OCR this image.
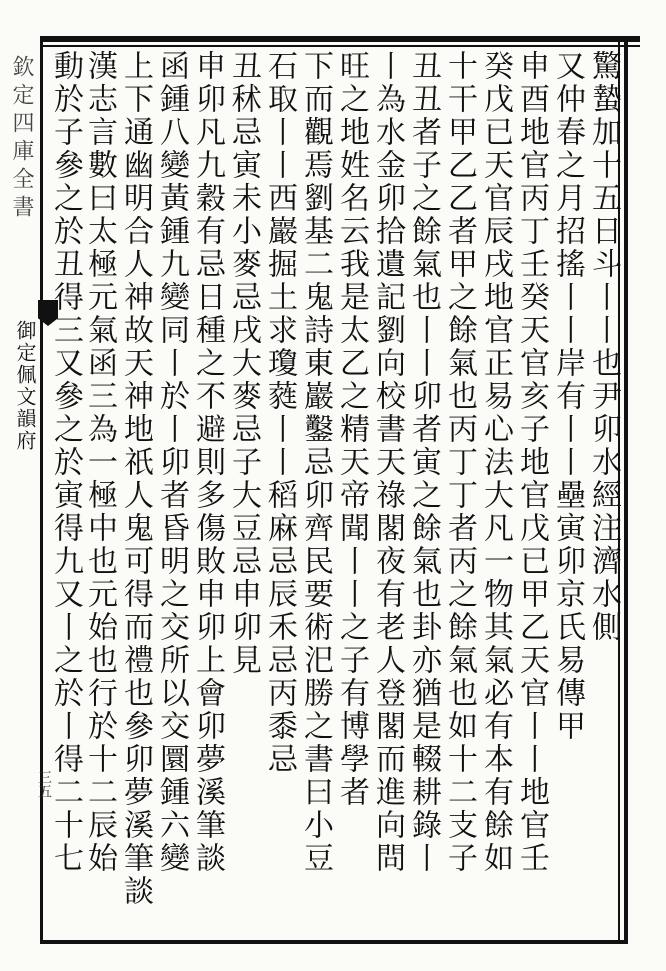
欽定四庫全書
御定佩文韻府
三五
驚蟄加十五日斗丨丨也尹卯水經注濟水側
又仲春之月招搖丨丨岸有丨丨壘寅卯京氏易傳甲
申酉地官丙丁壬癸天官亥子地官戊已甲乙天官丨丨地官壬
癸戊已天官辰戌地官正易心法大凡一物其氣必有本有餘如
十干甲乙乙者甲之餘氣也丙丁丁者丙之餘氣也如十二支子
丑丑者子之餘氣也丨丨卯者寅之餘氣也卦亦猶是輟耕錄丨
丨為水金卯拾遺記劉向校書天祿閣夜有老人登閣而進向問
旺之地姓名云我是太乙之精天帝聞丨丨之子有博學者
下而觀焉劉基二鬼詩東巖鑿忌卯齊民要術汜勝之書曰小豆
石取丨丨西巖掘土求瓊蕤丨丨稻麻忌辰禾忌丙黍忌
丑秫忌寅未小麥忌戌大麥忌子大豆忌申卯見
申卯凡九穀有忌日種之不避則多傷敗申卯上會卯夢溪筆談
函鍾八變黃鍾九變同丨於丨卯者昏明之交所以交圜鍾六變
上下通幽明合人神故天神地祇人鬼可得而禮也參卯夢溪筆談
漢志言數曰太極元氣函三為一極中也元始也行於十二辰始
動於子參之於丑得三又參之於寅得九又丨之於丨得二十七
